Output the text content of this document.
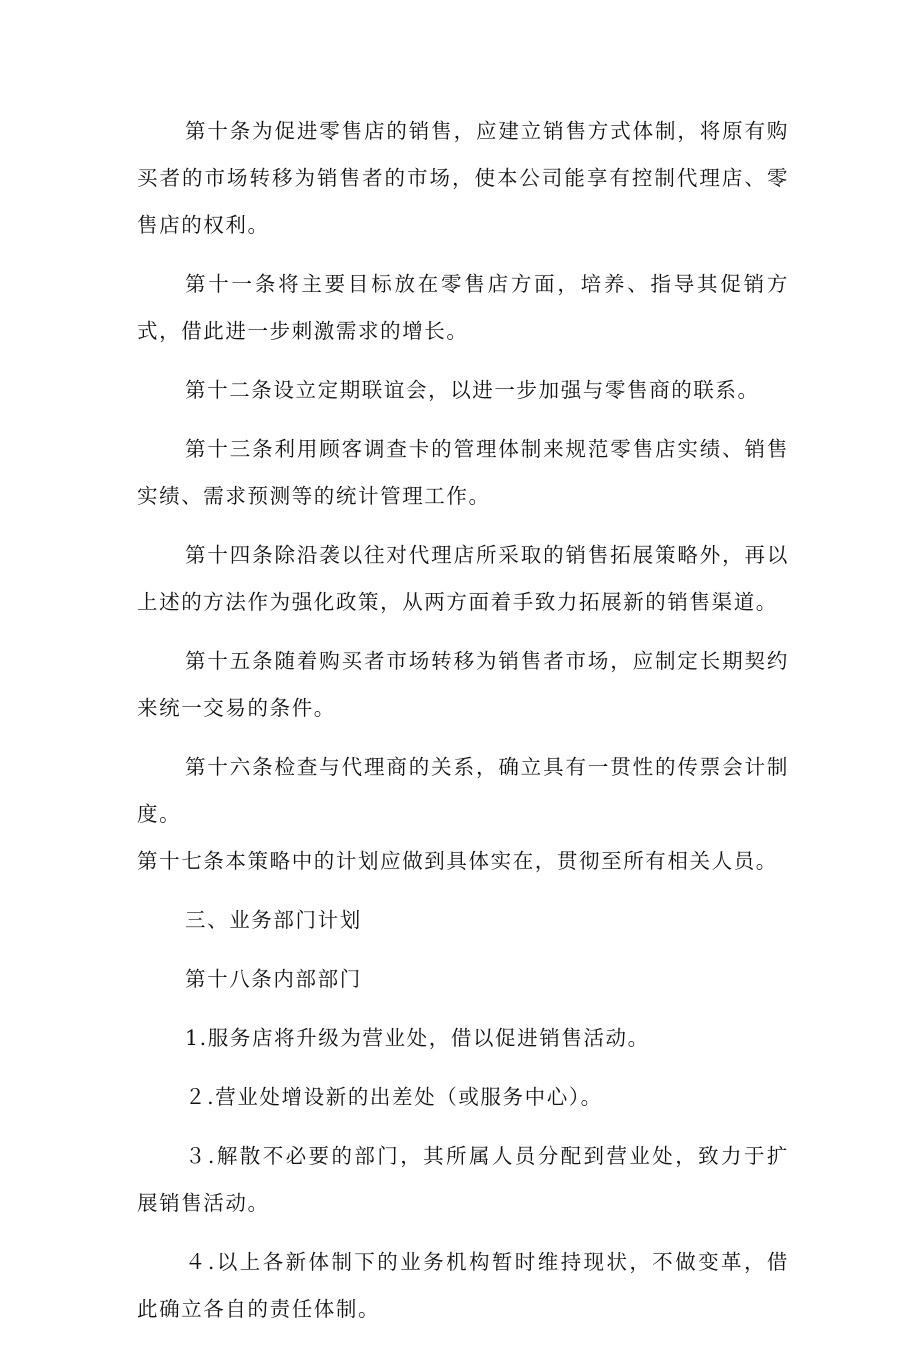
第十条为促进零售店的销售，应建立销售方式体制，将原有购买者的市场转移为销售者的市场，使本公司能享有控制代理店、零售店的权利。

第十一条将主要目标放在零售店方面，培养、指导其促销方式，借此进一步刺激需求的增长。

第十二条设立定期联谊会，以进一步加强与零售商的联系。

第十三条利用顾客调查卡的管理体制来规范零售店实绩、销售实绩、需求预测等的统计管理工作。

第十四条除沿袭以往对代理店所采取的销售拓展策略外，再以上述的方法作为强化政策，从两方面着手致力拓展新的销售渠道。

第十五条随着购买者市场转移为销售者市场，应制定长期契约来统一交易的条件。

第十六条检查与代理商的关系，确立具有一贯性的传票会计制度。

第十七条本策略中的计划应做到具体实在，贯彻至所有相关人员。

三、业务部门计划

第十八条内部部门

1.服务店将升级为营业处，借以促进销售活动。

２.营业处增设新的出差处（或服务中心）。

３.解散不必要的部门，其所属人员分配到营业处，致力于扩展销售活动。

４.以上各新体制下的业务机构暂时维持现状，不做变革，借此确立各自的责任体制。
